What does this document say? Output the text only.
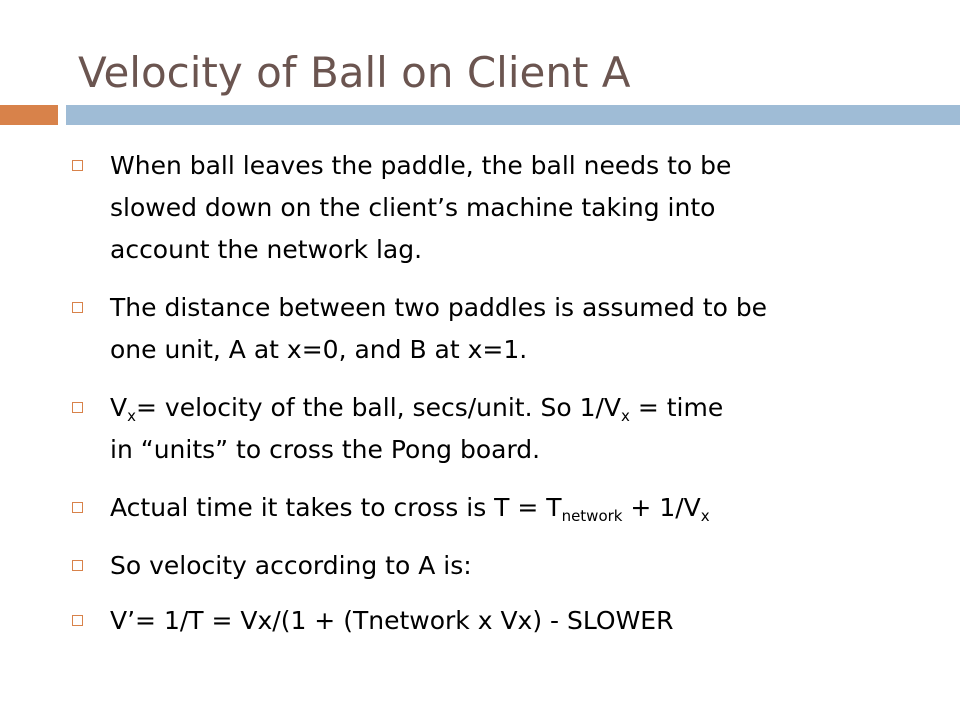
Velocity of Ball on Client A
When ball leaves the paddle, the ball needs to be
slowed down on the client’s machine taking into
account the network lag.
The distance between two paddles is assumed to be
one unit, A at x=0, and B at x=1.
$V_x=$ velocity of the ball, secs/unit. So $1/V_x$ = time
in “units” to cross the Pong board.
Actual time it takes to cross is $T = T_{network} + 1/V_x$
So velocity according to A is:
V’= 1/T = Vx/(1 + (Tnetwork x Vx) - SLOWER
